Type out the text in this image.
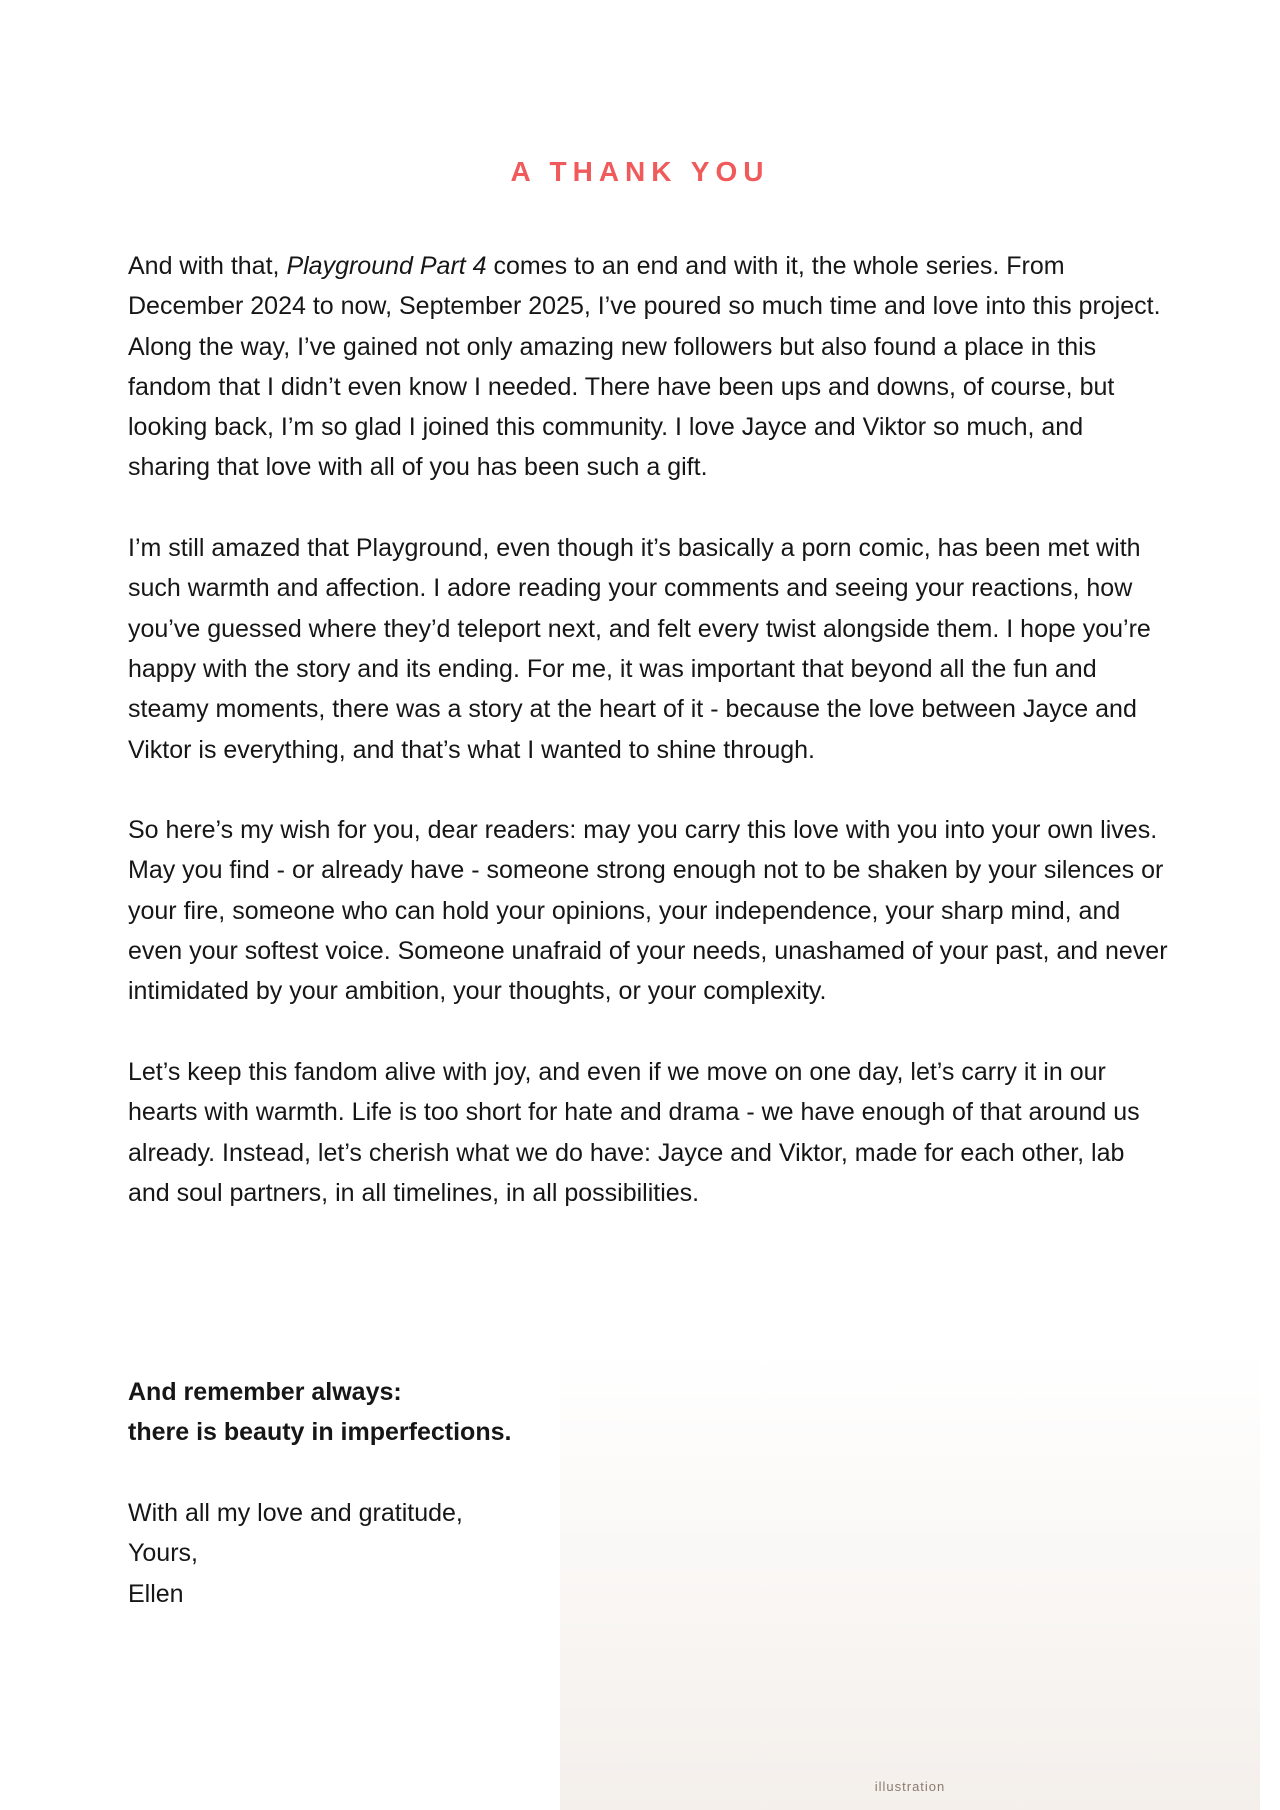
A THANK YOU

And with that, Playground Part 4 comes to an end and with it, the whole series. From December 2024 to now, September 2025, I’ve poured so much time and love into this project. Along the way, I’ve gained not only amazing new followers but also found a place in this fandom that I didn’t even know I needed. There have been ups and downs, of course, but looking back, I’m so glad I joined this community. I love Jayce and Viktor so much, and sharing that love with all of you has been such a gift.

I’m still amazed that Playground, even though it’s basically a porn comic, has been met with such warmth and affection. I adore reading your comments and seeing your reactions, how you’ve guessed where they’d teleport next, and felt every twist alongside them. I hope you’re happy with the story and its ending. For me, it was important that beyond all the fun and steamy moments, there was a story at the heart of it - because the love between Jayce and Viktor is everything, and that’s what I wanted to shine through.

So here’s my wish for you, dear readers: may you carry this love with you into your own lives. May you find - or already have - someone strong enough not to be shaken by your silences or your fire, someone who can hold your opinions, your independence, your sharp mind, and even your softest voice. Someone unafraid of your needs, unashamed of your past, and never intimidated by your ambition, your thoughts, or your complexity.

Let’s keep this fandom alive with joy, and even if we move on one day, let’s carry it in our hearts with warmth. Life is too short for hate and drama - we have enough of that around us already. Instead, let’s cherish what we do have: Jayce and Viktor, made for each other, lab and soul partners, in all timelines, in all possibilities.

And remember always:
there is beauty in imperfections.
With all my love and gratitude,
Yours,
Ellen
illustration
